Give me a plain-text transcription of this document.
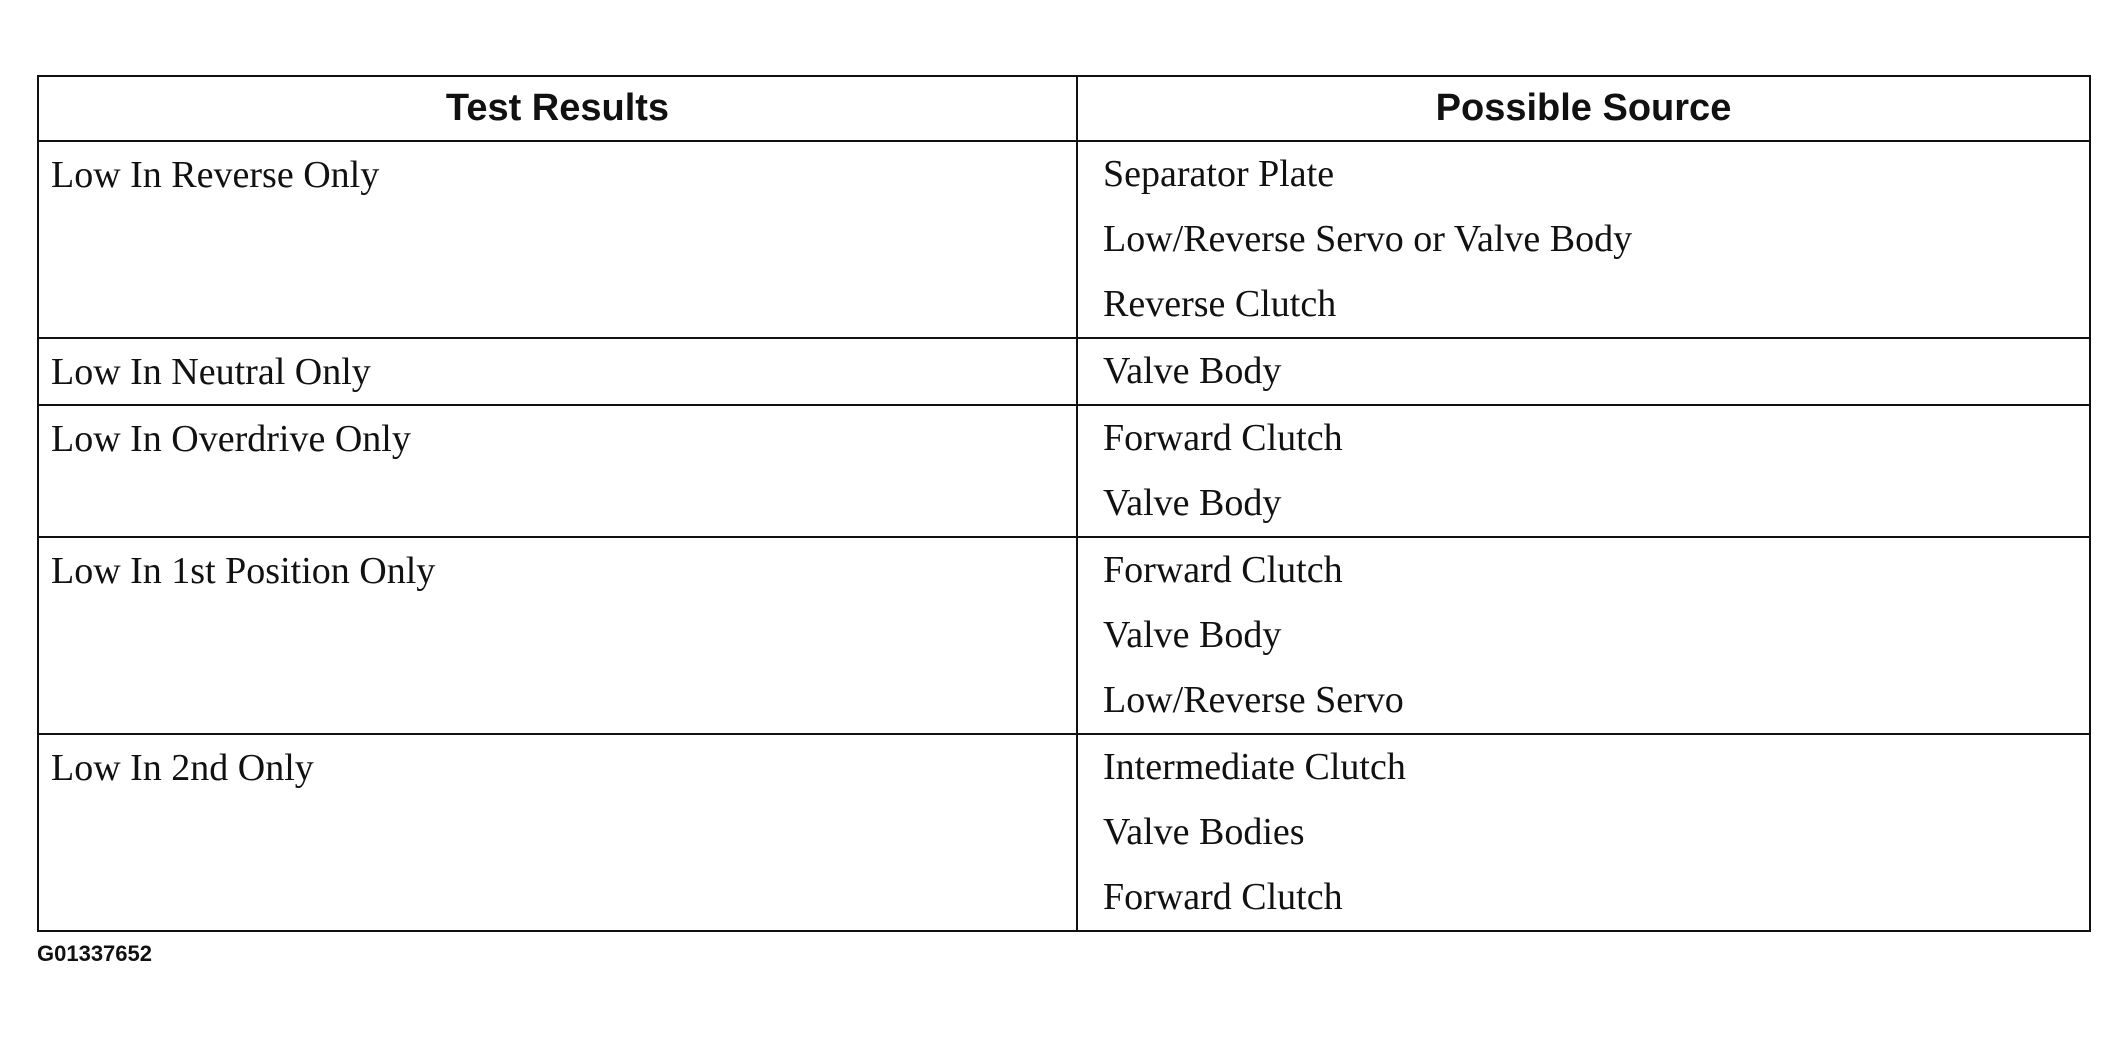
Test Results	Possible Source
Low In Reverse Only	Separator Plate
Low/Reverse Servo or Valve Body
Reverse Clutch

Low In Neutral Only	Valve Body

Low In Overdrive Only	Forward Clutch
Valve Body

Low In 1st Position Only	Forward Clutch
Valve Body
Low/Reverse Servo

Low In 2nd Only	Intermediate Clutch
Valve Bodies
Forward Clutch
G01337652
